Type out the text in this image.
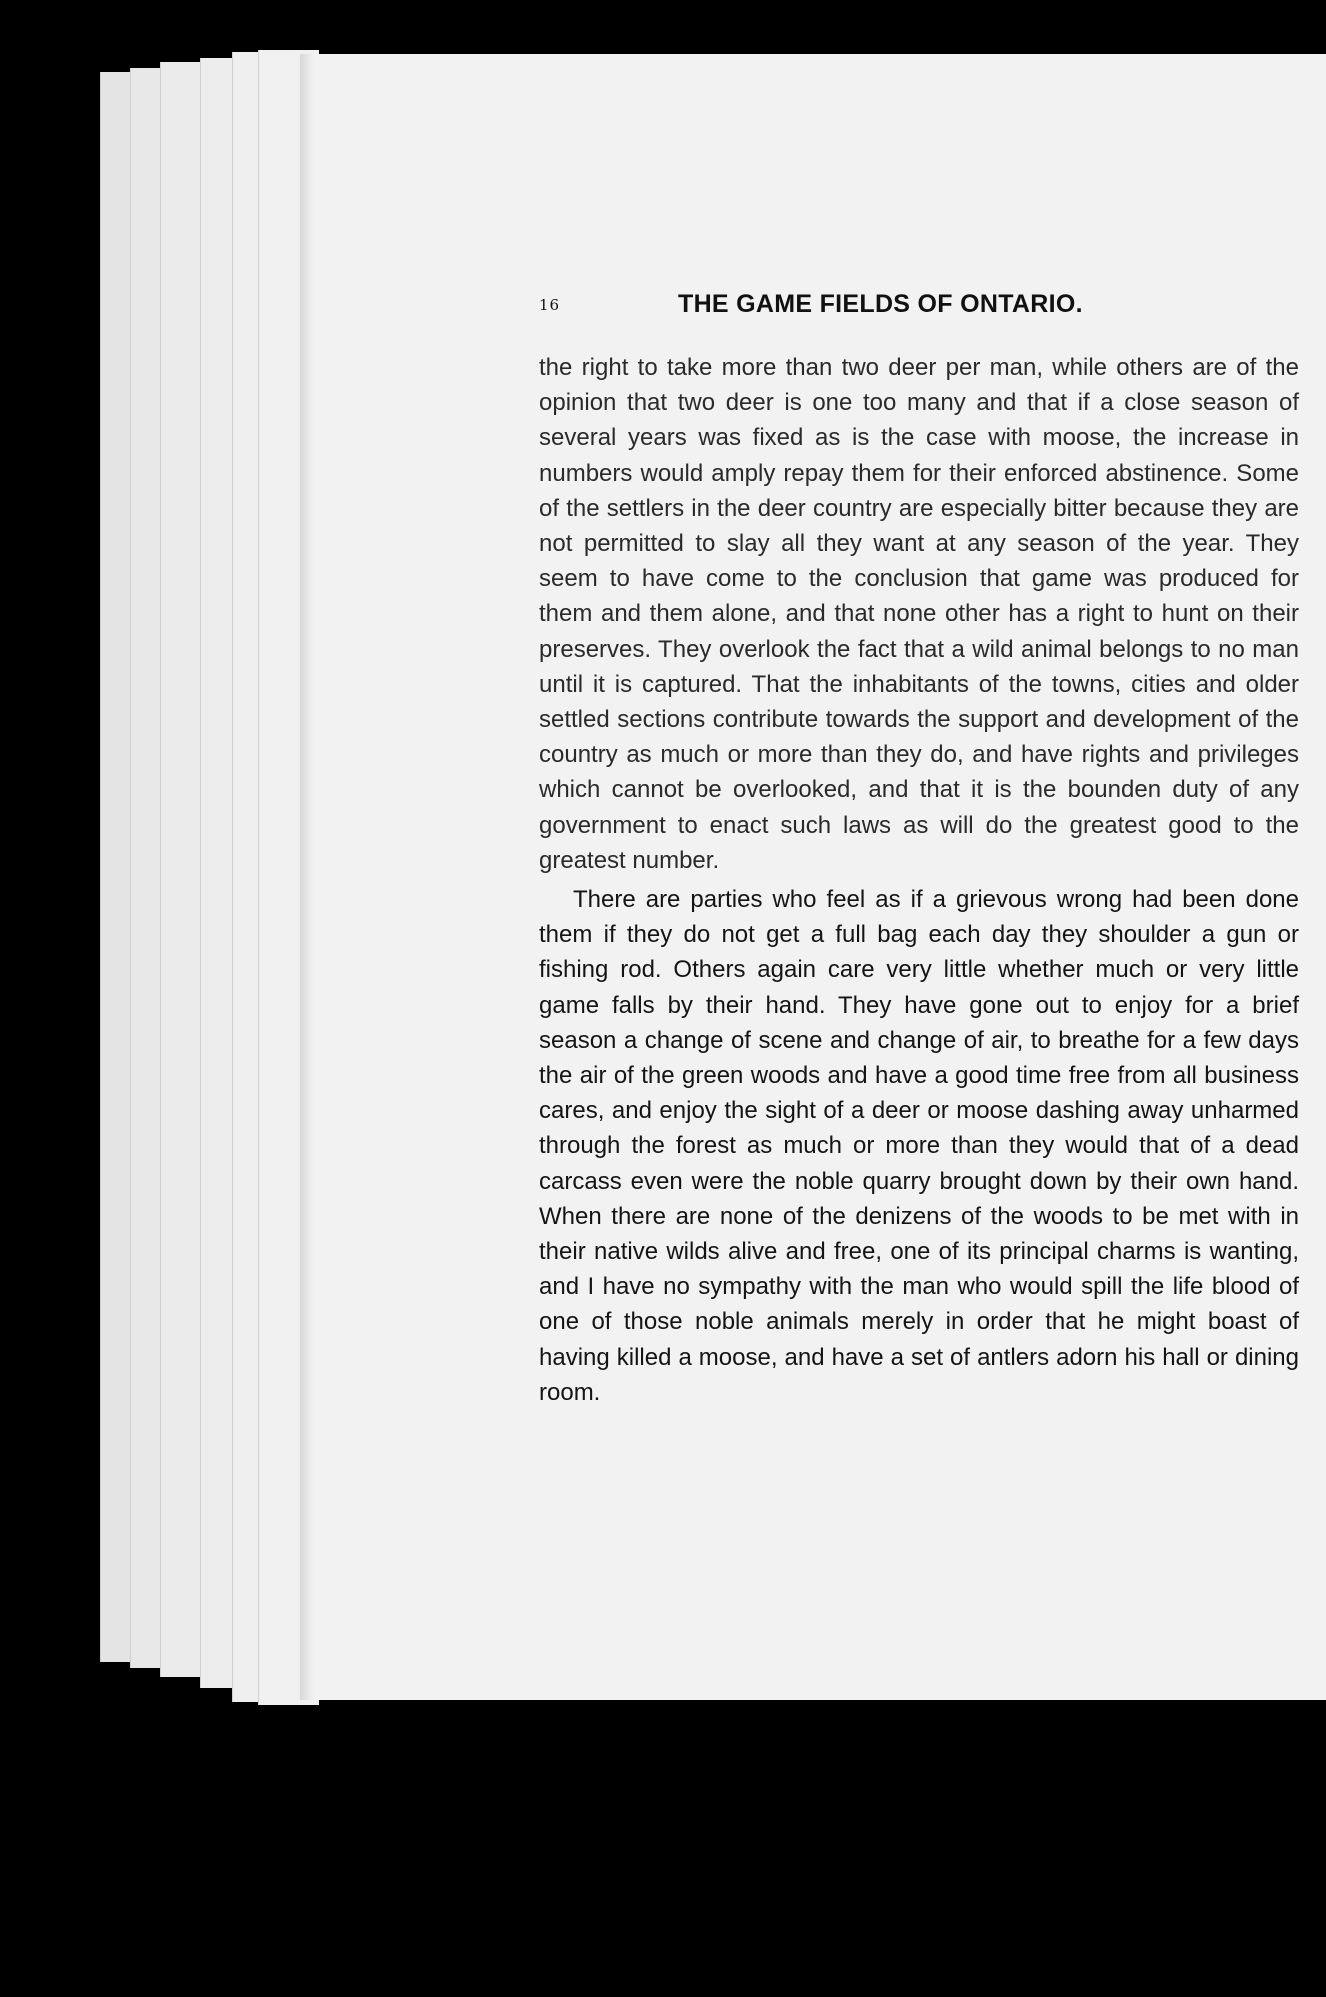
16	THE GAME FIELDS OF ONTARIO.

the right to take more than two deer per man, while others are of the opinion that two deer is one too many and that if a close season of several years was fixed as is the case with moose, the increase in numbers would amply repay them for their enforced abstinence. Some of the settlers in the deer country are especially bitter because they are not permitted to slay all they want at any season of the year. They seem to have come to the conclusion that game was produced for them and them alone, and that none other has a right to hunt on their preserves. They overlook the fact that a wild animal belongs to no man until it is captured. That the inhabitants of the towns, cities and older settled sections contribute towards the support and development of the country as much or more than they do, and have rights and privileges which cannot be overlooked, and that it is the bounden duty of any government to enact such laws as will do the greatest good to the greatest number.

There are parties who feel as if a grievous wrong had been done them if they do not get a full bag each day they shoulder a gun or fishing rod. Others again care very little whether much or very little game falls by their hand. They have gone out to enjoy for a brief season a change of scene and change of air, to breathe for a few days the air of the green woods and have a good time free from all business cares, and enjoy the sight of a deer or moose dashing away unharmed through the forest as much or more than they would that of a dead carcass even were the noble quarry brought down by their own hand. When there are none of the denizens of the woods to be met with in their native wilds alive and free, one of its principal charms is wanting, and I have no sympathy with the man who would spill the life blood of one of those noble animals merely in order that he might boast of having killed a moose, and have a set of antlers adorn his hall or dining room.
